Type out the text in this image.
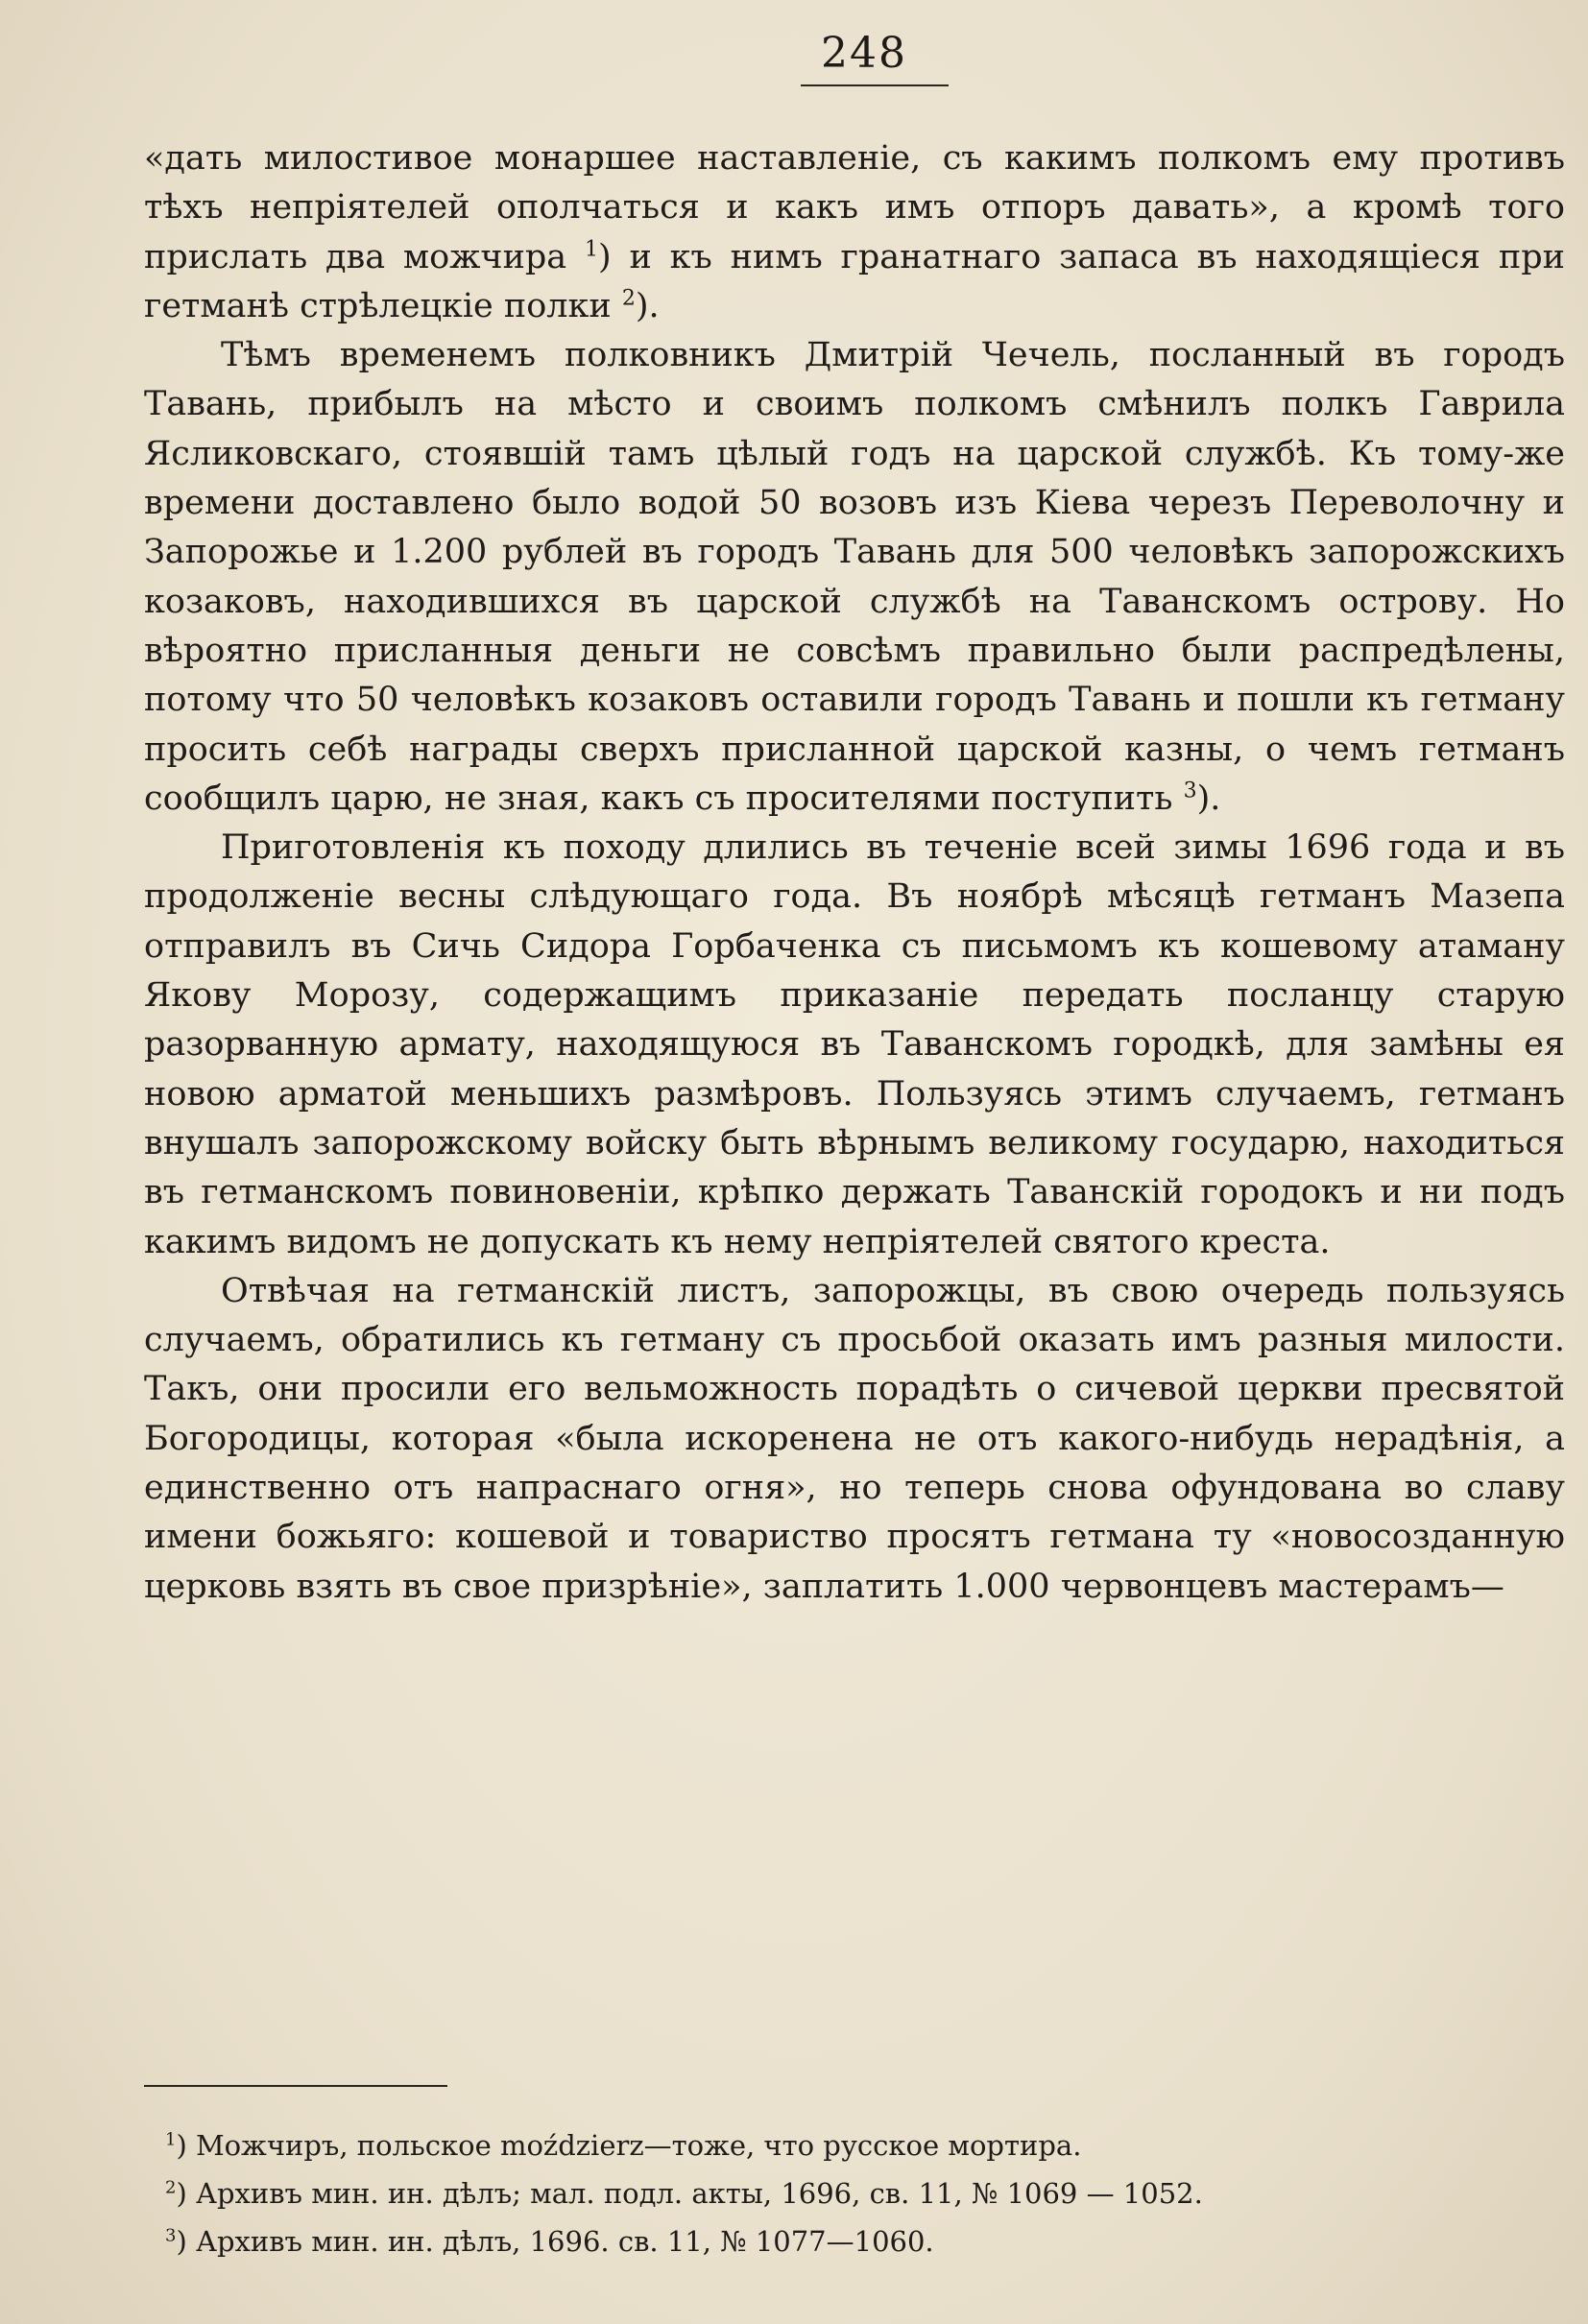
248

«дать милостивое монаршее наставленіе, съ какимъ полкомъ ему противъ тѣхъ непріятелей ополчаться и какъ имъ отпоръ давать», а кромѣ того прислать два можчира $^1$) и къ нимъ гранатнаго запаса въ находящіеся при гетманѣ стрѣлецкіе полки $^2$).

Тѣмъ временемъ полковникъ Дмитрій Чечель, посланный въ городъ Тавань, прибылъ на мѣсто и своимъ полкомъ смѣнилъ полкъ Гаврила Ясликовскаго, стоявшій тамъ цѣлый годъ на царской службѣ. Къ тому-же времени доставлено было водой 50 возовъ изъ Кіева черезъ Переволочну и Запорожье и 1.200 рублей въ городъ Тавань для 500 человѣкъ запорожскихъ козаковъ, находившихся въ царской службѣ на Таванскомъ острову. Но вѣроятно присланныя деньги не совсѣмъ правильно были распредѣлены, потому что 50 человѣкъ козаковъ оставили городъ Тавань и пошли къ гетману просить себѣ награды сверхъ присланной царской казны, о чемъ гетманъ сообщилъ царю, не зная, какъ съ просителями поступить $^3$).

Приготовленія къ походу длились въ теченіе всей зимы 1696 года и въ продолженіе весны слѣдующаго года. Въ ноябрѣ мѣсяцѣ гетманъ Мазепа отправилъ въ Сичь Сидора Горбаченка съ письмомъ къ кошевому атаману Якову Морозу, содержащимъ приказаніе передать посланцу старую разорванную армату, находящуюся въ Таванскомъ городкѣ, для замѣны ея новою арматой меньшихъ размѣровъ. Пользуясь этимъ случаемъ, гетманъ внушалъ запорожскому войску быть вѣрнымъ великому государю, находиться въ гетманскомъ повиновеніи, крѣпко держать Таванскій городокъ и ни подъ какимъ видомъ не допускать къ нему непріятелей святого креста.

Отвѣчая на гетманскій листъ, запорожцы, въ свою очередь пользуясь случаемъ, обратились къ гетману съ просьбой оказать имъ разныя милости. Такъ, они просили его вельможность порадѣть о сичевой церкви пресвятой Богородицы, которая «была искоренена не отъ какого-нибудь нерадѣнія, а единственно отъ напраснаго огня», но теперь снова офундована во славу имени божьяго: кошевой и товариство просятъ гетмана ту «новосозданную церковь взять въ свое призрѣніе», заплатить 1.000 червонцевъ мастерамъ—

$^1$) Можчиръ, польское moździerz—тоже, что русское мортира.

$^2$) Архивъ мин. ин. дѣлъ; мал. подл. акты, 1696, св. 11, № 1069 — 1052.

$^3$) Архивъ мин. ин. дѣлъ, 1696. св. 11, № 1077—1060.
